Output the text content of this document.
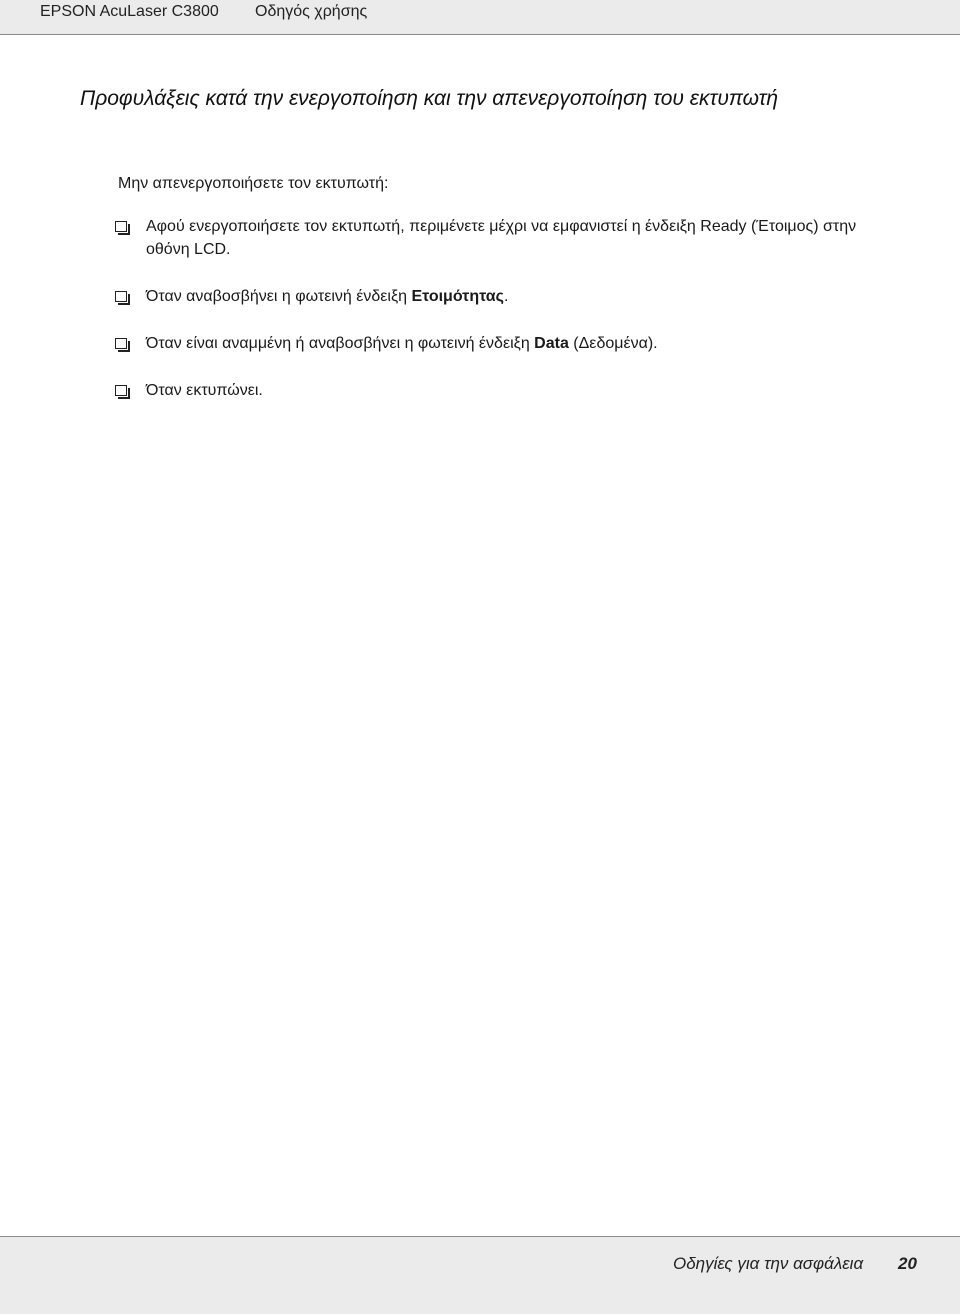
EPSON AcuLaser C3800 Οδηγός χρήσης
Προφυλάξεις κατά την ενεργοποίηση και την απενεργοποίηση του εκτυπωτή

Μην απενεργοποιήσετε τον εκτυπωτή:

Αφού ενεργοποιήσετε τον εκτυπωτή, περιμένετε μέχρι να εμφανιστεί η ένδειξη Ready (Έτοιμος) στην οθόνη LCD.
Όταν αναβοσβήνει η φωτεινή ένδειξη Ετοιμότητας.
Όταν είναι αναμμένη ή αναβοσβήνει η φωτεινή ένδειξη Data (Δεδομένα).
Όταν εκτυπώνει.
Οδηγίες για την ασφάλεια 20
